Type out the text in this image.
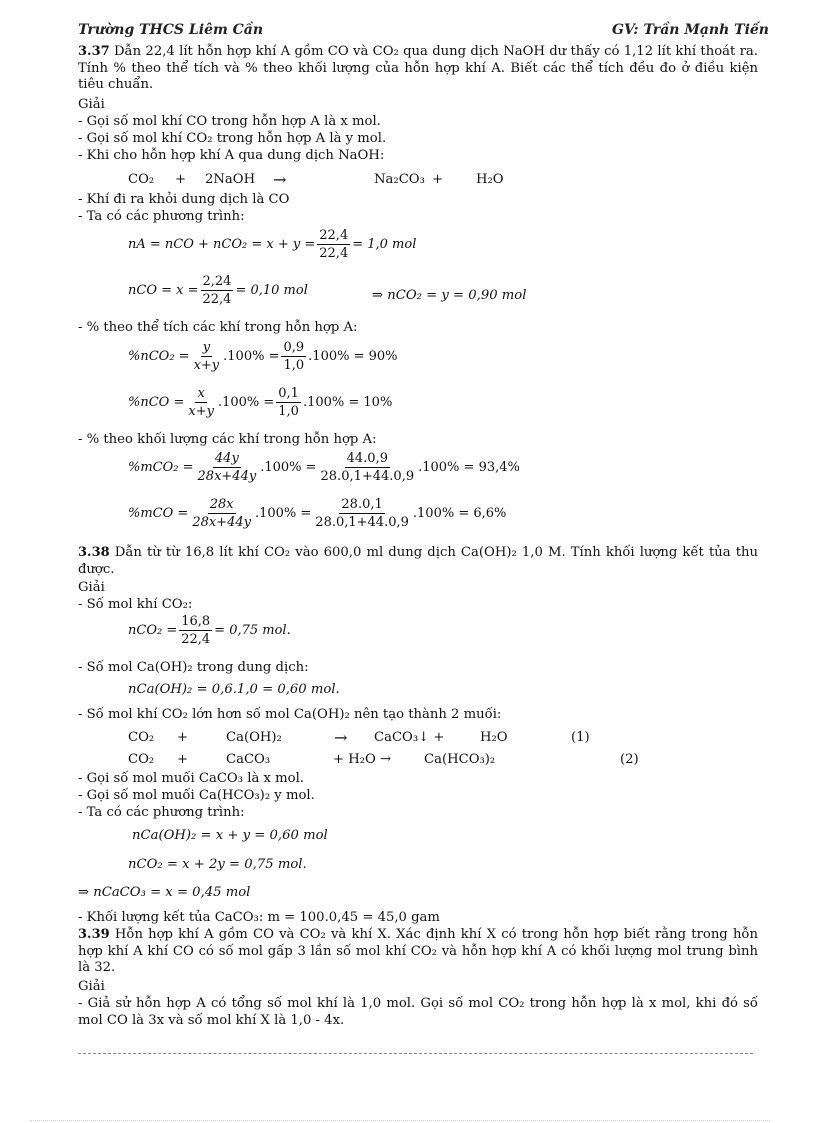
Trường THCS Liêm Cần	GV: Trần Mạnh Tiến
3.37 Dẫn 22,4 lít hỗn hợp khí A gồm CO và CO₂ qua dung dịch NaOH dư thấy có 1,12 lít khí thoát ra. Tính % theo thể tích và % theo khối lượng của hỗn hợp khí A. Biết các thể tích đều đo ở điều kiện tiêu chuẩn.
Giải
- Gọi số mol khí CO trong hỗn hợp A là x mol.
- Gọi số mol khí CO₂ trong hỗn hợp A là y mol.
- Khi cho hỗn hợp khí A qua dung dịch NaOH:
CO₂ + 2NaOH →	Na₂CO₃ + H₂O
- Khí đi ra khỏi dung dịch là CO
- Ta có các phương trình:
nA = nCO + $nCO_2 = x + y = \frac{22,4}{22,4} = 1,0$ mol
nCO = $x = \frac{2,24}{22,4} = 0,10$ mol	⇒ nCO₂ = y = 0,90 mol
- % theo thể tích các khí trong hỗn hợp A:
$\%nCO_2 = \frac{y}{x+y} .100\% = \frac{0,9}{1,0} .100\% = 90\%$
$\%nCO = \frac{x}{x+y} .100\% = \frac{0,1}{1,0} .100\% = 10\%$
- % theo khối lượng các khí trong hỗn hợp A:
$\%mCO_2 = \frac{44y}{28x+44y} .100\% = \frac{44.0,9}{28.0,1+44.0,9} .100\% = 93,4\%$
$\%mCO = \frac{28x}{28x+44y} .100\% = \frac{28.0,1}{28.0,1+44.0,9} .100\% = 6,6\%$
3.38 Dẫn từ từ 16,8 lít khí CO₂ vào 600,0 ml dung dịch Ca(OH)₂ 1,0 M. Tính khối lượng kết tủa thu được.
Giải
- Số mol khí CO₂:
$nCO_2 = \frac{16,8}{22,4} = 0,75$ mol.
- Số mol Ca(OH)₂ trong dung dịch:
nCa(OH)₂ = 0,6.1,0 = 0,60 mol.
- Số mol khí CO₂ lớn hơn số mol Ca(OH)₂ nên tạo thành 2 muối:
CO₂ +	Ca(OH)₂	→ CaCO₃↓ +	H₂O	(1)
CO₂ +	CaCO₃	+ H₂O → Ca(HCO₃)₂	(2)
- Gọi số mol muối CaCO₃ là x mol.
- Gọi số mol muối Ca(HCO₃)₂ y mol.
- Ta có các phương trình:
nCa(OH)₂ = x + y = 0,60 mol
nCO₂ = x + 2y = 0,75 mol.
⇒ nCaCO₃ = x = 0,45 mol
- Khối lượng kết tủa CaCO₃: m = 100.0,45 = 45,0 gam
3.39 Hỗn hợp khí A gồm CO và CO₂ và khí X. Xác định khí X có trong hỗn hợp biết rằng trong hỗn hợp khí A khí CO có số mol gấp 3 lần số mol khí CO₂ và hỗn hợp khí A có khối lượng mol trung bình là 32.
Giải
- Giả sử hỗn hợp A có tổng số mol khí là 1,0 mol. Gọi số mol CO₂ trong hỗn hợp là x mol, khi đó số mol CO là 3x và số mol khí X là 1,0 - 4x.
